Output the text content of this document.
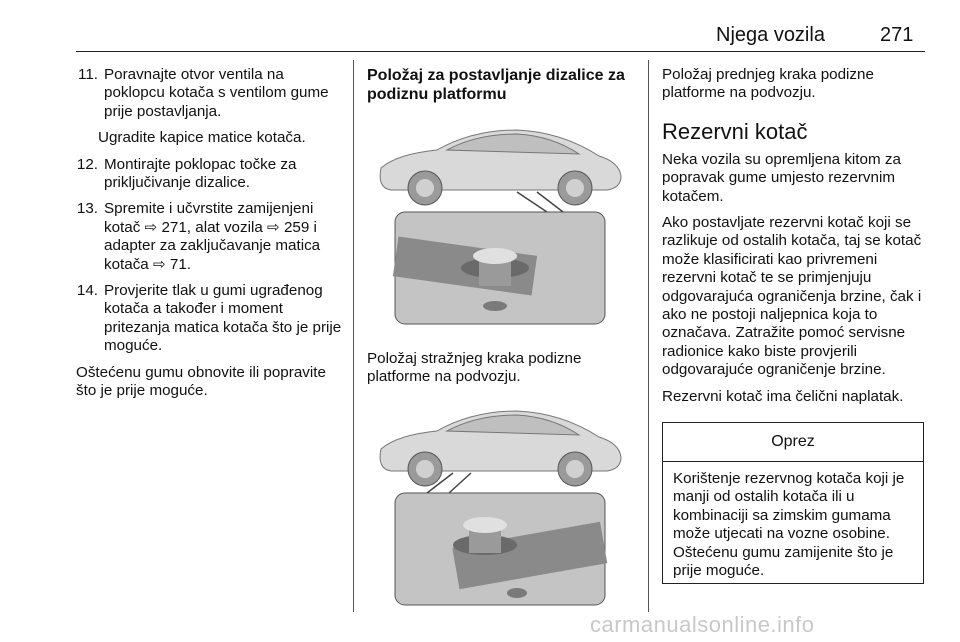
Njega vozila	271
11. Poravnajte otvor ventila na poklopcu kotača s ventilom gume prije postavljanja.
Ugradite kapice matice kotača.
12. Montirajte poklopac točke za priključivanje dizalice.
13. Spremite i učvrstite zamijenjeni kotač ⇨ 271, alat vozila ⇨ 259 i adapter za zaključavanje matica kotača ⇨ 71.
14. Provjerite tlak u gumi ugrađenog kotača a također i moment pritezanja matica kotača što je prije moguće.
Oštećenu gumu obnovite ili popravite što je prije moguće.
Položaj za postavljanje dizalice za podiznu platformu
Položaj stražnjeg kraka podizne platforme na podvozju.
Položaj prednjeg kraka podizne platforme na podvozju.
Rezervni kotač
Neka vozila su opremljena kitom za popravak gume umjesto rezervnim kotačem.
Ako postavljate rezervni kotač koji se razlikuje od ostalih kotača, taj se kotač može klasificirati kao privremeni rezervni kotač te se primjenjuju odgovarajuća ograničenja brzine, čak i ako ne postoji naljepnica koja to označava. Zatražite pomoć servisne radionice kako biste provjerili odgovarajuće ograničenje brzine.
Rezervni kotač ima čelični naplatak.
Oprez
Korištenje rezervnog kotača koji je manji od ostalih kotača ili u kombinaciji sa zimskim gumama može utjecati na vozne osobine. Oštećenu gumu zamijenite što je prije moguće.
carmanualsonline.info
